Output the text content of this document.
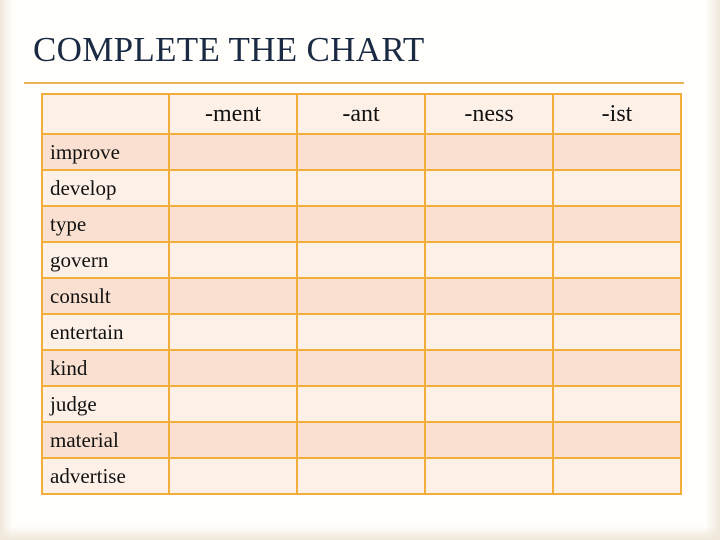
COMPLETE THE CHART
	-ment	-ant	-ness	-ist
improve				
develop				
type				
govern				
consult				
entertain				
kind				
judge				
material				
advertise				
